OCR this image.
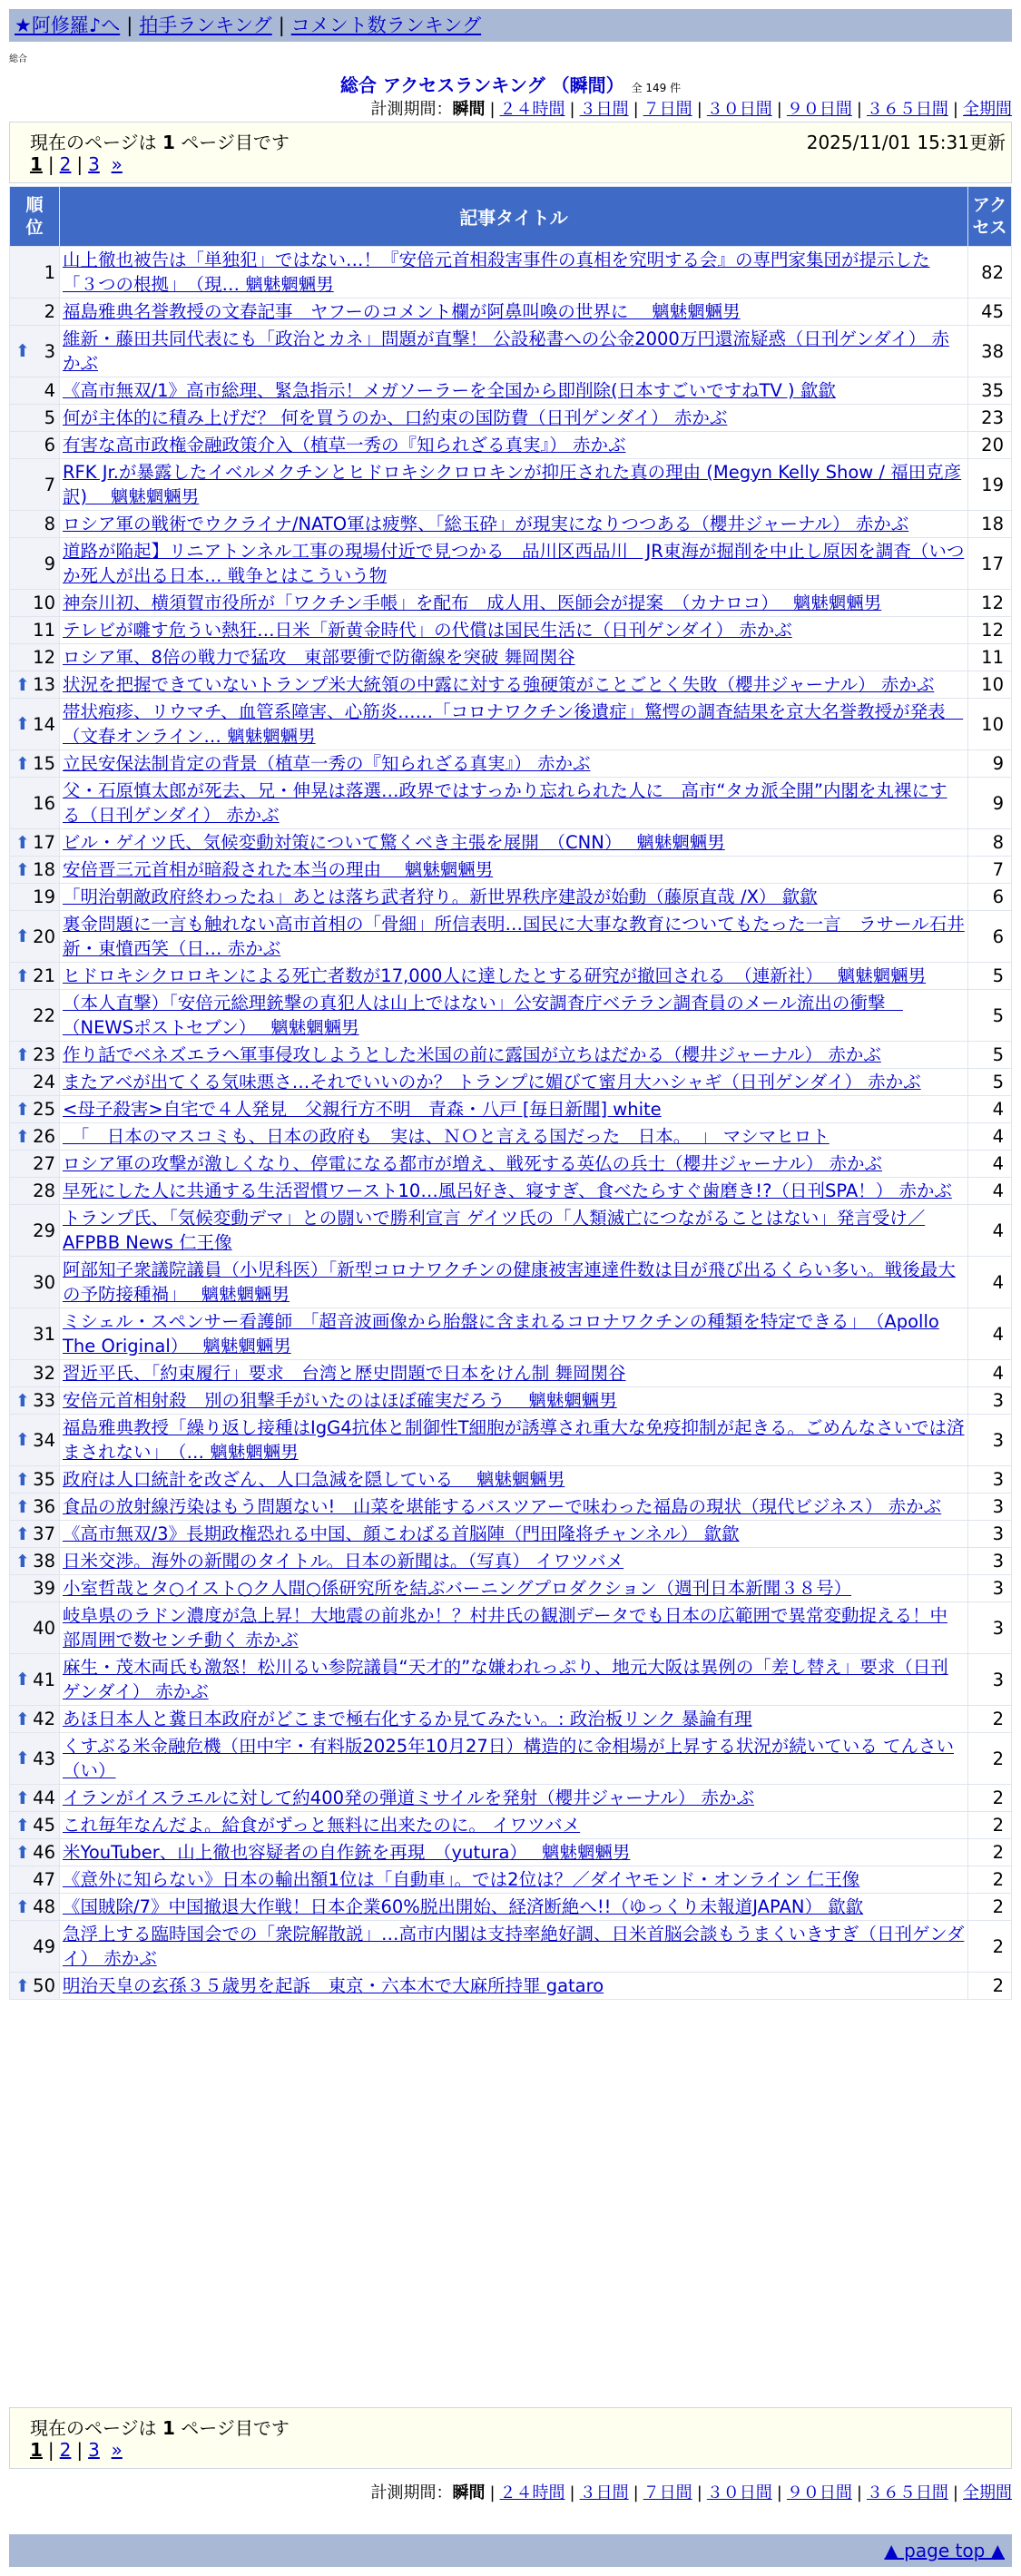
★阿修羅♪へ | 拍手ランキング | コメント数ランキング
総合
総合 アクセスランキング （瞬間） 全 149 件
計測期間：瞬間 | ２４時間 | ３日間 | ７日間 | ３０日間 | ９０日間 | ３６５日間 | 全期間
現在のページは 1 ページ目です	2025/11/01 15:31更新
1 | 2 | 3 »
順位	記事タイトル	アクセス
1	山上徹也被告は「単独犯」ではない…！『安倍元首相殺害事件の真相を究明する会』の専門家集団が提示した「３つの根拠」　（現… 魑魅魍魎男	82
2	福島雅典名誉教授の文春記事　ヤフーのコメント欄が阿鼻叫喚の世界に　 魑魅魍魎男	45

⬆ 3	維新・藤田共同代表にも「政治とカネ」問題が直撃！ 公設秘書への公金2000万円還流疑惑（日刊ゲンダイ） 赤かぶ	38
4	《高市無双/1》高市総理、緊急指示！メガソーラーを全国から即削除(日本すごいですねTV ) 歙歙	35
5	何が主体的に積み上げだ？ 何を買うのか、口約束の国防費（日刊ゲンダイ） 赤かぶ	23
6	有害な高市政権金融政策介入（植草一秀の『知られざる真実』） 赤かぶ	20
7	RFK Jr.が暴露したイベルメクチンとヒドロキシクロロキンが抑圧された真の理由 (Megyn Kelly Show / 福田克彦訳)　 魑魅魍魎男	19
8	ロシア軍の戦術でウクライナ/NATO軍は疲弊、「総玉砕」が現実になりつつある（櫻井ジャーナル） 赤かぶ	18
9	道路が陥起】リニアトンネル工事の現場付近で見つかる　品川区西品川　JR東海が掘削を中止し原因を調査（いつか死人が出る日本… 戦争とはこういう物	17
10	神奈川初、横須賀市役所が「ワクチン手帳」を配布　成人用、医師会が提案　（カナロコ）　 魑魅魍魎男	12
11	テレビが囃す危うい熱狂…日米「新黄金時代」の代償は国民生活に（日刊ゲンダイ） 赤かぶ	12
12	ロシア軍、8倍の戦力で猛攻　東部要衝で防衛線を突破 舞岡関谷	11

⬆ 13	状況を把握できていないトランプ米大統領の中露に対する強硬策がことごとく失敗（櫻井ジャーナル） 赤かぶ	10

⬆ 14	帯状疱疹、リウマチ、血管系障害、心筋炎……「コロナワクチン後遺症」驚愕の調査結果を京大名誉教授が発表　（文春オンライン… 魑魅魍魎男	10

⬆ 15	立民安保法制肯定の背景（植草一秀の『知られざる真実』） 赤かぶ	9
16	父・石原慎太郎が死去、兄・伸晃は落選…政界ではすっかり忘れられた人に　高市“タカ派全開”内閣を丸裸にする（日刊ゲンダイ） 赤かぶ	9

⬆ 17	ビル・ゲイツ氏、気候変動対策について驚くべき主張を展開　（CNN）　 魑魅魍魎男	8

⬆ 18	安倍晋三元首相が暗殺された本当の理由　 魑魅魍魎男	7
19	「明治朝敵政府終わったね」あとは落ち武者狩り。新世界秩序建設が始動（藤原直哉 /X） 歙歙	6

⬆ 20	裏金問題に一言も触れない高市首相の「骨細」所信表明…国民に大事な教育についてもたった一言　ラサール石井 新・東憤西笑（日… 赤かぶ	6

⬆ 21	ヒドロキシクロロキンによる死亡者数が17,000人に達したとする研究が撤回される　（連新社）　 魑魅魍魎男	5
22	（本人直撃）「安倍元総理銃撃の真犯人は山上ではない」公安調査庁ベテラン調査員のメール流出の衝撃　（NEWSポストセブン）　 魑魅魍魎男	5

⬆ 23	作り話でベネズエラへ軍事侵攻しようとした米国の前に露国が立ちはだかる（櫻井ジャーナル） 赤かぶ	5
24	またアベが出てくる気味悪さ…それでいいのか？ トランプに媚びて蜜月大ハシャギ（日刊ゲンダイ） 赤かぶ	5

⬆ 25	<母子殺害>自宅で４人発見　父親行方不明　青森・八戸 [毎日新聞] white	4

⬆ 26	　「　日本のマスコミも、日本の政府も　実は、ＮＯと言える国だった　日本。　」 マシマヒロト	4
27	ロシア軍の攻撃が激しくなり、停電になる都市が増え、戦死する英仏の兵士（櫻井ジャーナル） 赤かぶ	4
28	早死にした人に共通する生活習慣ワースト10…風呂好き、寝すぎ、食べたらすぐ歯磨き!?（日刊SPA！） 赤かぶ	4
29	トランプ氏、「気候変動デマ」との闘いで勝利宣言 ゲイツ氏の「人類滅亡につながることはない」発言受け／AFPBB News 仁王像	4
30	阿部知子衆議院議員（小児科医）「新型コロナワクチンの健康被害連達件数は目が飛び出るくらい多い。戦後最大の予防接種禍」　 魑魅魍魎男	4
31	ミシェル・スペンサー看護師　「超音波画像から胎盤に含まれるコロナワクチンの種類を特定できる」　（Apollo The Original）　 魑魅魍魎男	4
32	習近平氏、「約束履行」要求　台湾と歴史問題で日本をけん制 舞岡関谷	4

⬆ 33	安倍元首相射殺　別の狙撃手がいたのはほぼ確実だろう　 魑魅魍魎男	3

⬆ 34	福島雅典教授「繰り返し接種はIgG4抗体と制御性T細胞が誘導され重大な免疫抑制が起きる。ごめんなさいでは済まされない」　（… 魑魅魍魎男	3

⬆ 35	政府は人口統計を改ざん、人口急減を隠している　 魑魅魍魎男	3

⬆ 36	食品の放射線汚染はもう問題ない!　山菜を堪能するバスツアーで味わった福島の現状（現代ビジネス） 赤かぶ	3

⬆ 37	《高市無双/3》長期政権恐れる中国、顔こわばる首脳陣（門田隆将チャンネル） 歙歙	3

⬆ 38	日米交渉。海外の新聞のタイトル。日本の新聞は。（写真） イワツバメ	3
39	小室哲哉とタ○イスト○ク人間○係研究所を結ぶバーニングプロダクション（週刊日本新聞３８号）	3
40	岐阜県のラドン濃度が急上昇！大地震の前兆か！？村井氏の観測データでも日本の広範囲で異常変動捉える！中部周囲で数センチ動く 赤かぶ	3

⬆ 41	麻生・茂木両氏も激怒！松川るい参院議員“天才的”な嫌われっぷり、地元大阪は異例の「差し替え」要求（日刊ゲンダイ） 赤かぶ	3

⬆ 42	あほ日本人と糞日本政府がどこまで極右化するか見てみたい。: 政治板リンク 暴論有理	2

⬆ 43	くすぶる米金融危機（田中宇・有料版2025年10月27日）構造的に金相場が上昇する状況が続いている てんさい（い）	2

⬆ 44	イランがイスラエルに対して約400発の弾道ミサイルを発射（櫻井ジャーナル） 赤かぶ	2

⬆ 45	これ毎年なんだよ。給食がずっと無料に出来たのに。 イワツバメ	2

⬆ 46	米YouTuber、山上徹也容疑者の自作銃を再現　（yutura）　 魑魅魍魎男	2
47	《意外に知らない》日本の輸出額1位は「自動車」。では2位は？／ダイヤモンド・オンライン 仁王像	2

⬆ 48	《国賊除/7》中国撤退大作戦！日本企業60%脱出開始、経済断絶へ!!（ゆっくり未報道JAPAN） 歙歙	2
49	急浮上する臨時国会での「衆院解散説」…高市内閣は支持率絶好調、日米首脳会談もうまくいきすぎ（日刊ゲンダイ） 赤かぶ	2

⬆ 50	明治天皇の玄孫３５歳男を起訴　東京・六本木で大麻所持罪 gataro	2
現在のページは 1 ページ目です
1 | 2 | 3 »
計測期間：瞬間 | ２４時間 | ３日間 | ７日間 | ３０日間 | ９０日間 | ３６５日間 | 全期間
▲ page top ▲
